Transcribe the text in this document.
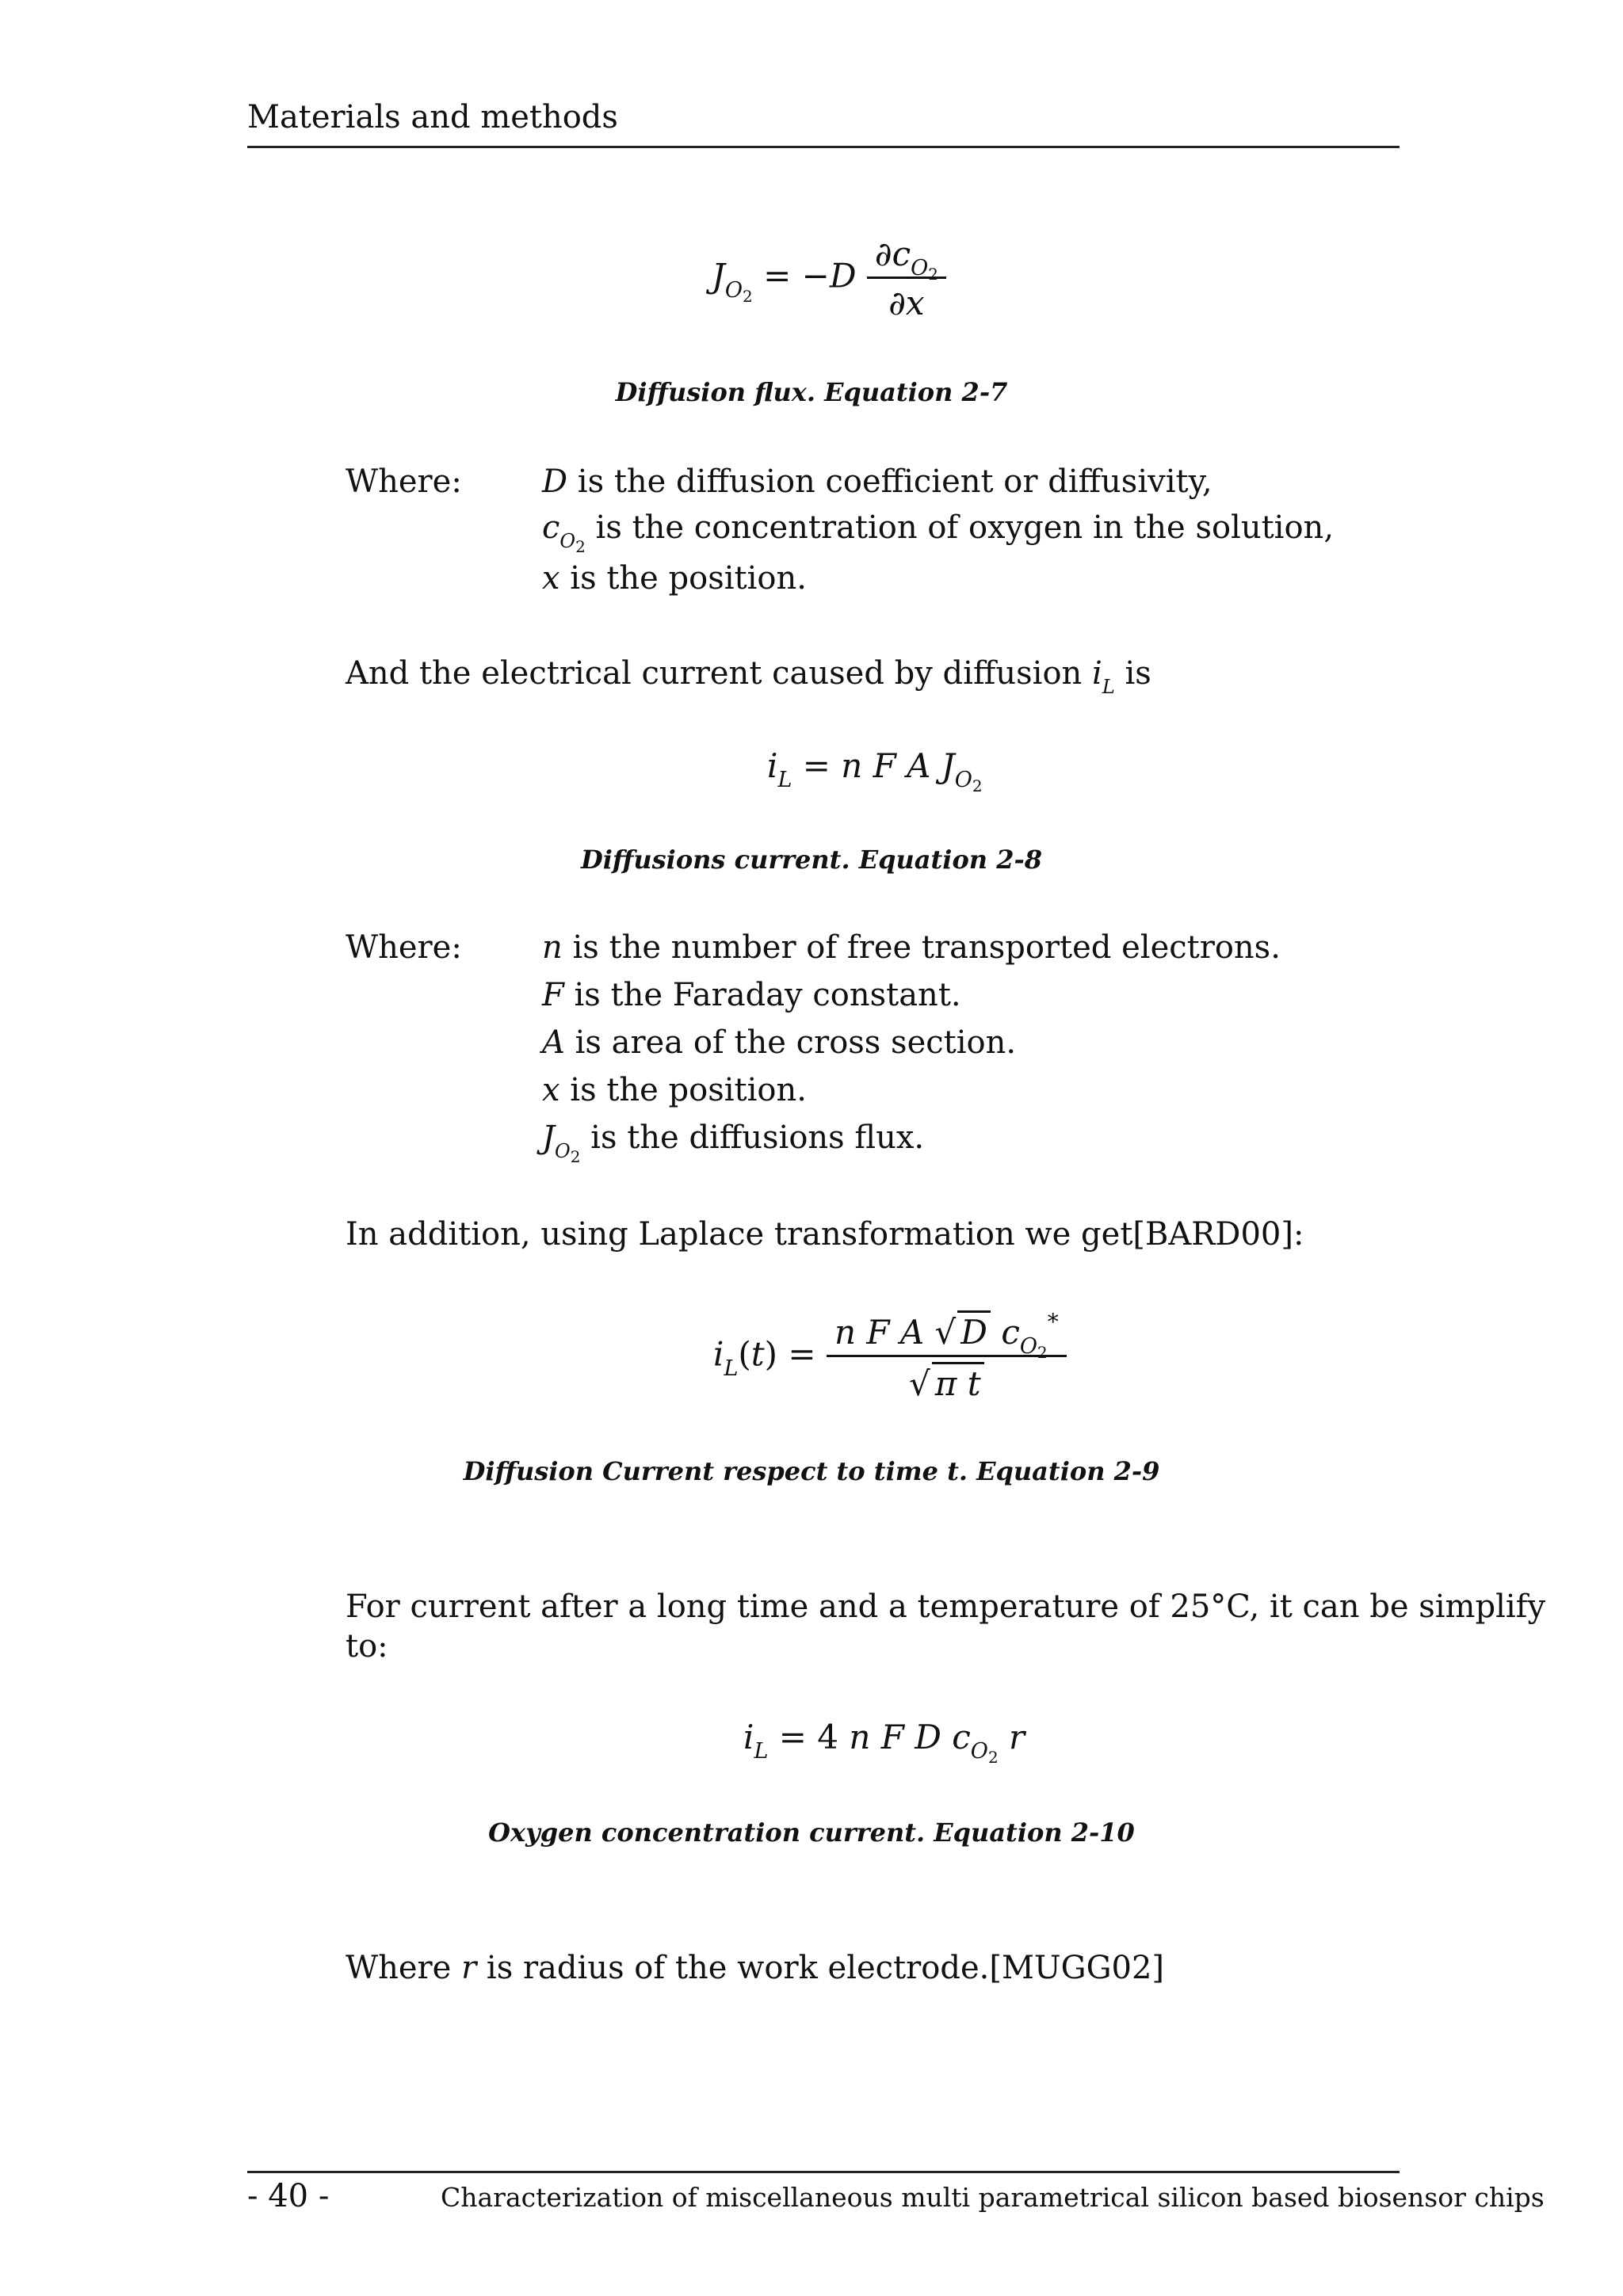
Materials and methods
$J_{O_2} = -D \frac{\partial c_{O_2}}{\partial x}$
Diffusion flux. Equation 2-7
Where:	D is the diffusion coefficient or diffusivity,
$c_{O_2}$ is the concentration of oxygen in the solution,
x is the position.
And the electrical current caused by diffusion $i_L$ is
$i_L = n$ F A $J_{O_2}$
Diffusions current. Equation 2-8
Where:	n is the number of free transported electrons.
F is the Faraday constant.
A is area of the cross section.
x is the position.
$J_{O_2}$ is the diffusions flux.
In addition, using Laplace transformation we get[BARD00]:
$i_L(t) = \frac{n F A √ D c_{O_2}^*}{\text{√ π t}}$
Diffusion Current respect to time t. Equation 2-9
For current after a long time and a temperature of 25°C, it can be simplify
to:
$i_L = 4$ n F D $c_{O_2}$ r
Oxygen concentration current. Equation 2-10
Where r is radius of the work electrode.[MUGG02]
- 40 -	Characterization of miscellaneous multi parametrical silicon based biosensor chips
